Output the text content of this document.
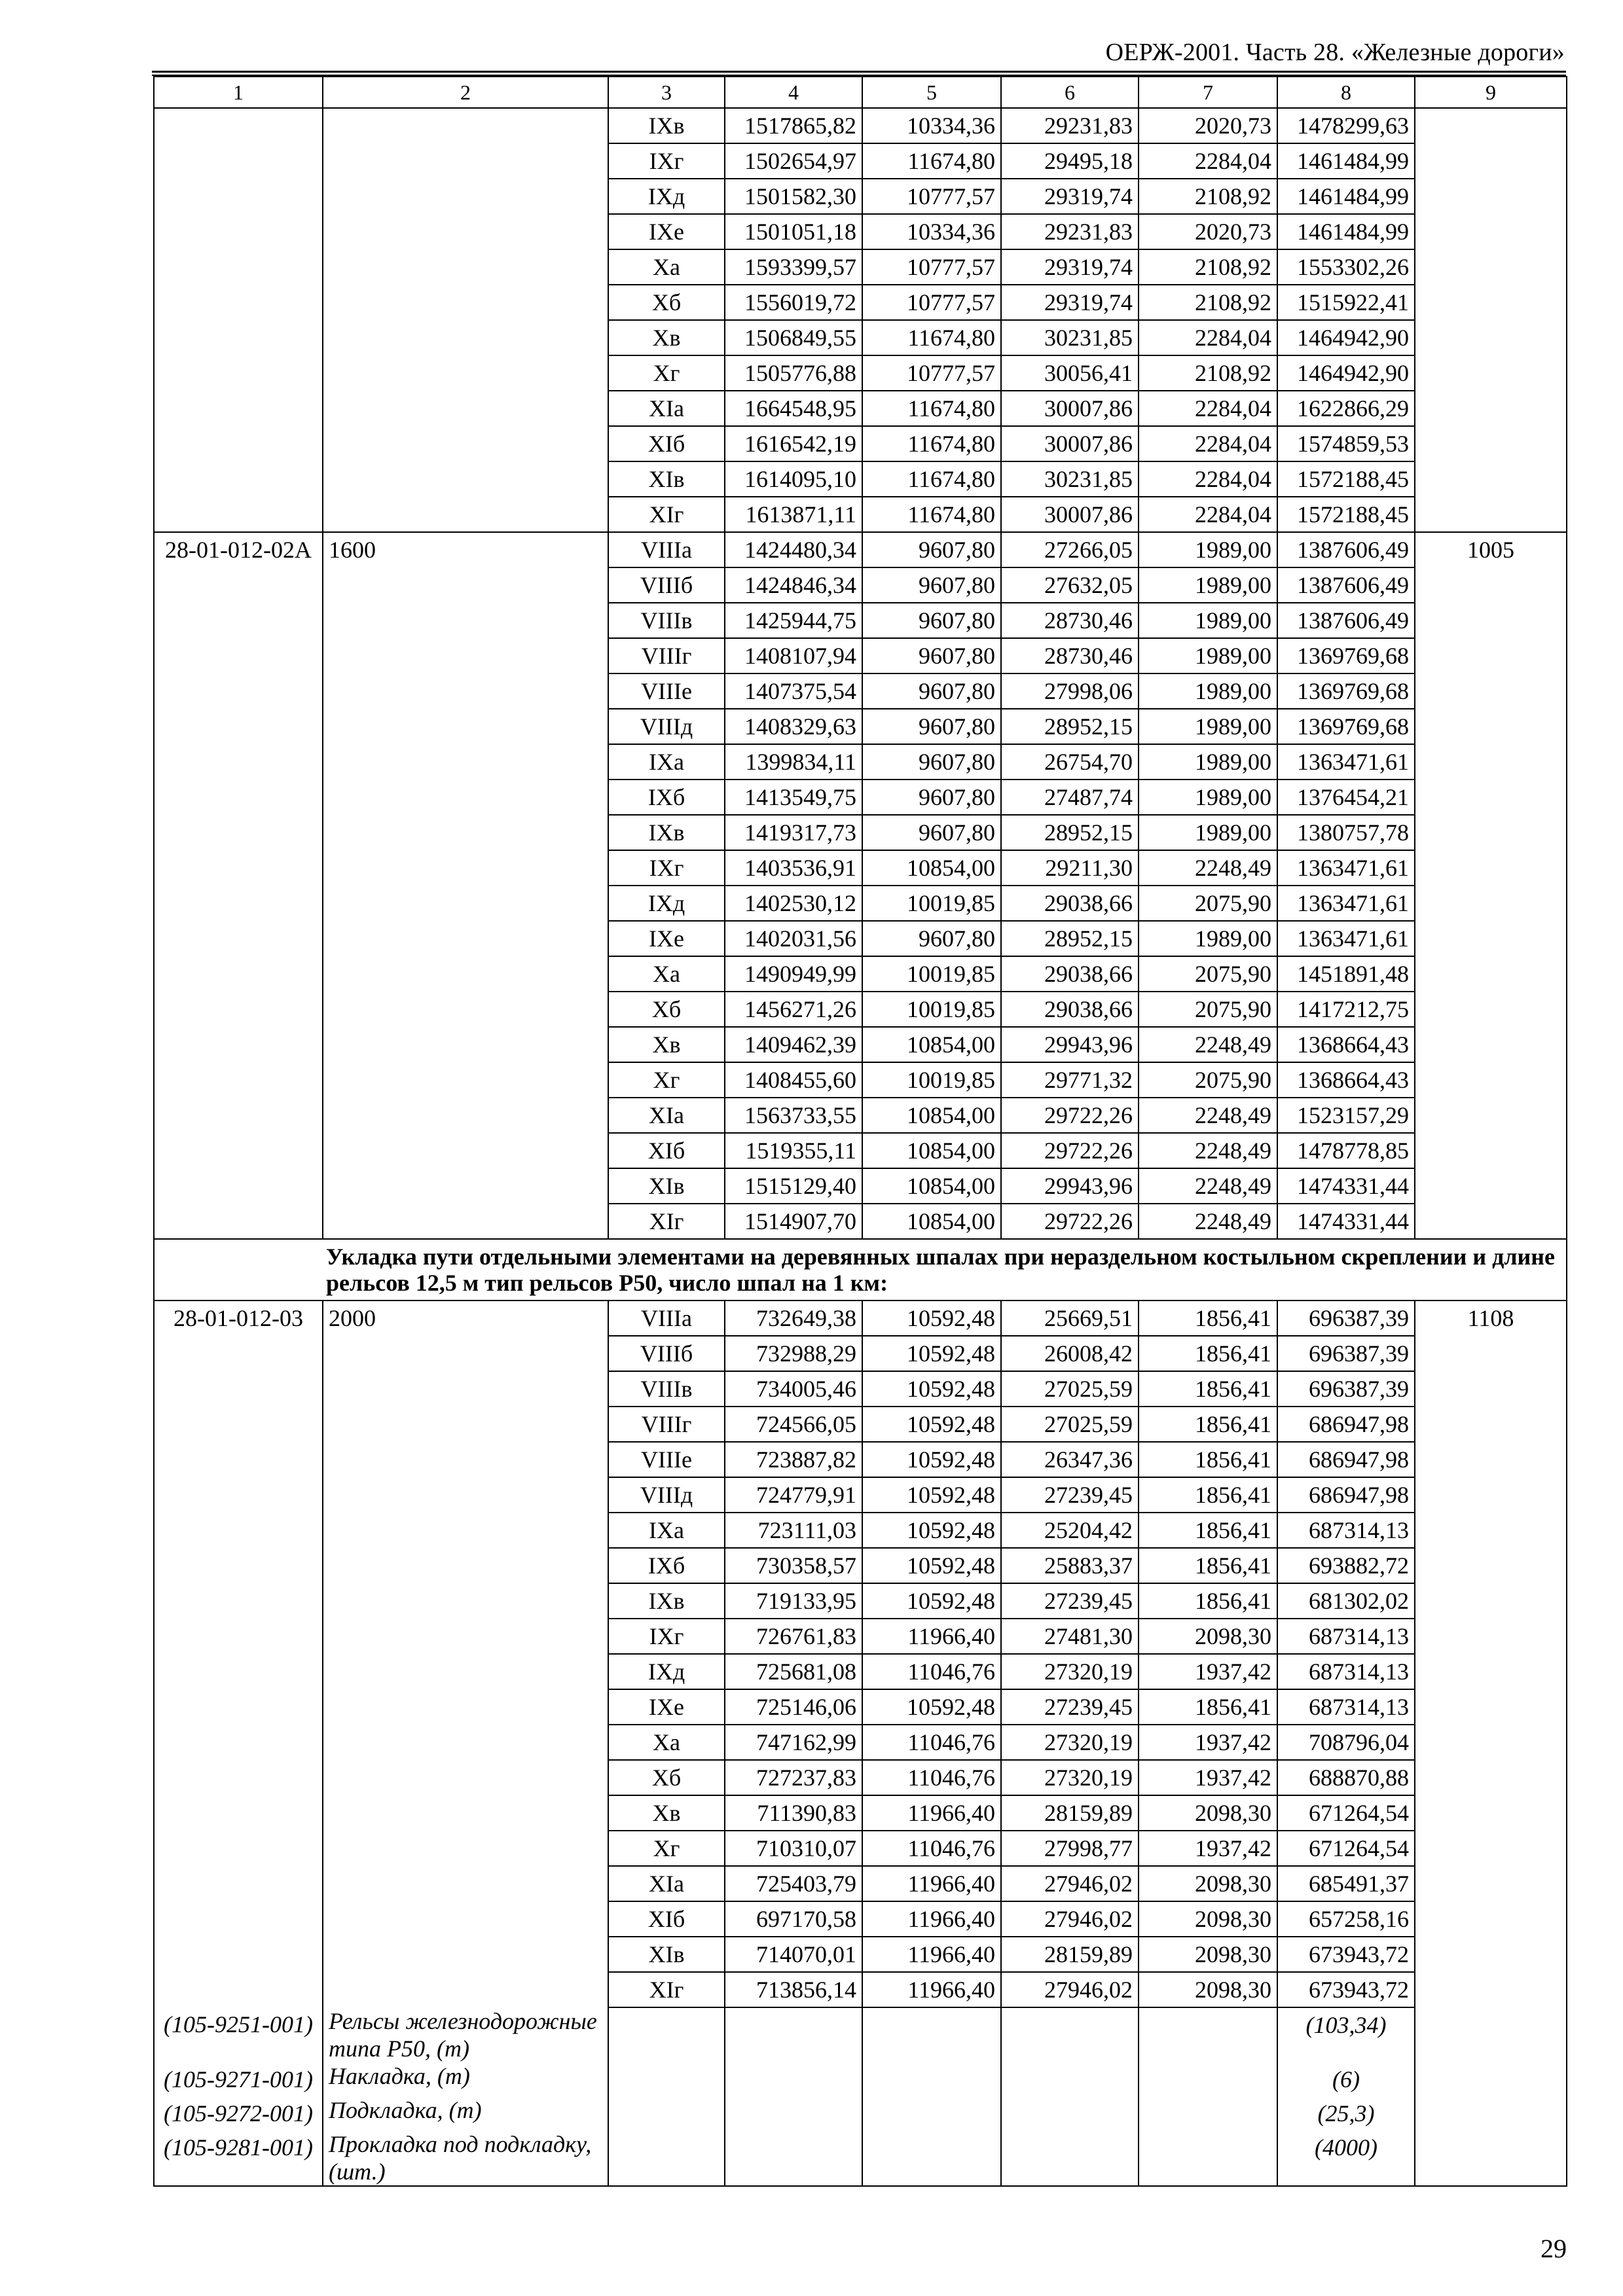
ОЕРЖ-2001. Часть 28. «Железные дороги»
1	2	3	4	5	6	7	8	9
		IXв	1517865,82	10334,36	29231,83	2020,73	1478299,63	
		IXг	1502654,97	11674,80	29495,18	2284,04	1461484,99	
		IXд	1501582,30	10777,57	29319,74	2108,92	1461484,99	
		IXе	1501051,18	10334,36	29231,83	2020,73	1461484,99	
		Xа	1593399,57	10777,57	29319,74	2108,92	1553302,26	
		Xб	1556019,72	10777,57	29319,74	2108,92	1515922,41	
		Xв	1506849,55	11674,80	30231,85	2284,04	1464942,90	
		Xг	1505776,88	10777,57	30056,41	2108,92	1464942,90	
		XIа	1664548,95	11674,80	30007,86	2284,04	1622866,29	
		XIб	1616542,19	11674,80	30007,86	2284,04	1574859,53	
		XIв	1614095,10	11674,80	30231,85	2284,04	1572188,45	
		XIг	1613871,11	11674,80	30007,86	2284,04	1572188,45	
28-01-012-02А	1600	VIIIа	1424480,34	9607,80	27266,05	1989,00	1387606,49	1005
		VIIIб	1424846,34	9607,80	27632,05	1989,00	1387606,49	
		VIIIв	1425944,75	9607,80	28730,46	1989,00	1387606,49	
		VIIIг	1408107,94	9607,80	28730,46	1989,00	1369769,68	
		VIIIе	1407375,54	9607,80	27998,06	1989,00	1369769,68	
		VIIIд	1408329,63	9607,80	28952,15	1989,00	1369769,68	
		IXа	1399834,11	9607,80	26754,70	1989,00	1363471,61	
		IXб	1413549,75	9607,80	27487,74	1989,00	1376454,21	
		IXв	1419317,73	9607,80	28952,15	1989,00	1380757,78	
		IXг	1403536,91	10854,00	29211,30	2248,49	1363471,61	
		IXд	1402530,12	10019,85	29038,66	2075,90	1363471,61	
		IXе	1402031,56	9607,80	28952,15	1989,00	1363471,61	
		Xа	1490949,99	10019,85	29038,66	2075,90	1451891,48	
		Xб	1456271,26	10019,85	29038,66	2075,90	1417212,75	
		Xв	1409462,39	10854,00	29943,96	2248,49	1368664,43	
		Xг	1408455,60	10019,85	29771,32	2075,90	1368664,43	
		XIа	1563733,55	10854,00	29722,26	2248,49	1523157,29	
		XIб	1519355,11	10854,00	29722,26	2248,49	1478778,85	
		XIв	1515129,40	10854,00	29943,96	2248,49	1474331,44	
		XIг	1514907,70	10854,00	29722,26	2248,49	1474331,44	
Укладка пути отдельными элементами на деревянных шпалах при нераздельном костыльном скреплении и длине рельсов 12,5 м тип рельсов Р50, число шпал на 1 км:								
28-01-012-03	2000	VIIIа	732649,38	10592,48	25669,51	1856,41	696387,39	1108
		VIIIб	732988,29	10592,48	26008,42	1856,41	696387,39	
		VIIIв	734005,46	10592,48	27025,59	1856,41	696387,39	
		VIIIг	724566,05	10592,48	27025,59	1856,41	686947,98	
		VIIIе	723887,82	10592,48	26347,36	1856,41	686947,98	
		VIIIд	724779,91	10592,48	27239,45	1856,41	686947,98	
		IXа	723111,03	10592,48	25204,42	1856,41	687314,13	
		IXб	730358,57	10592,48	25883,37	1856,41	693882,72	
		IXв	719133,95	10592,48	27239,45	1856,41	681302,02	
		IXг	726761,83	11966,40	27481,30	2098,30	687314,13	
		IXд	725681,08	11046,76	27320,19	1937,42	687314,13	
		IXе	725146,06	10592,48	27239,45	1856,41	687314,13	
		Xа	747162,99	11046,76	27320,19	1937,42	708796,04	
		Xб	727237,83	11046,76	27320,19	1937,42	688870,88	
		Xв	711390,83	11966,40	28159,89	2098,30	671264,54	
		Xг	710310,07	11046,76	27998,77	1937,42	671264,54	
		XIа	725403,79	11966,40	27946,02	2098,30	685491,37	
		XIб	697170,58	11966,40	27946,02	2098,30	657258,16	
		XIв	714070,01	11966,40	28159,89	2098,30	673943,72	
		XIг	713856,14	11966,40	27946,02	2098,30	673943,72	
(105-9251-001)	Рельсы железнодорожные типа Р50, (т)						(103,34)	
(105-9271-001)	Накладка, (т)						(6)	
(105-9272-001)	Подкладка, (т)						(25,3)	
(105-9281-001)	Прокладка под подкладку, (шт.)						(4000)	
29
